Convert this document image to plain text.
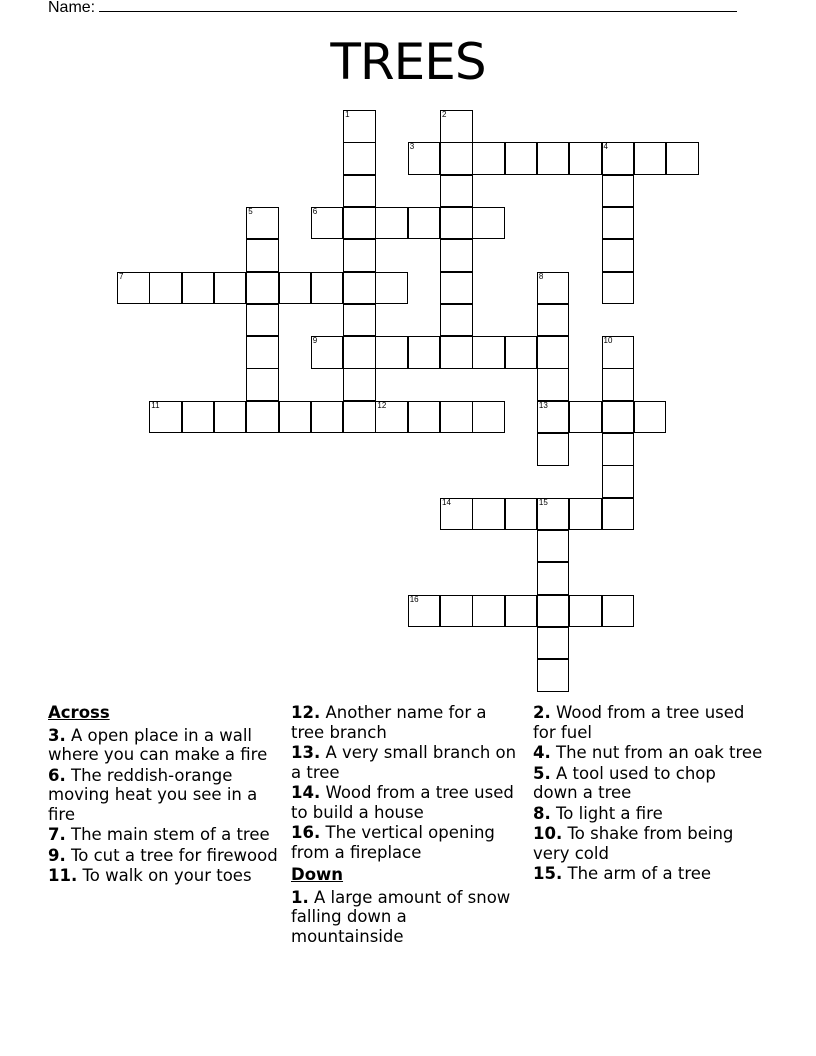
Name:
TREES
1	2
3	4
5	6
7	8
13
9	10
11	12
14	15
16
Across
3. A open place in a wall where you can make a fire
6. The reddish-orange moving heat you see in a fire
7. The main stem of a tree
9. To cut a tree for firewood
11. To walk on your toes
12. Another name for a tree branch
13. A very small branch on a tree
14. Wood from a tree used to build a house
16. The vertical opening from a fireplace
Down
1. A large amount of snow falling down a mountainside
2. Wood from a tree used for fuel
4. The nut from an oak tree
5. A tool used to chop down a tree
8. To light a fire
10. To shake from being very cold
15. The arm of a tree
